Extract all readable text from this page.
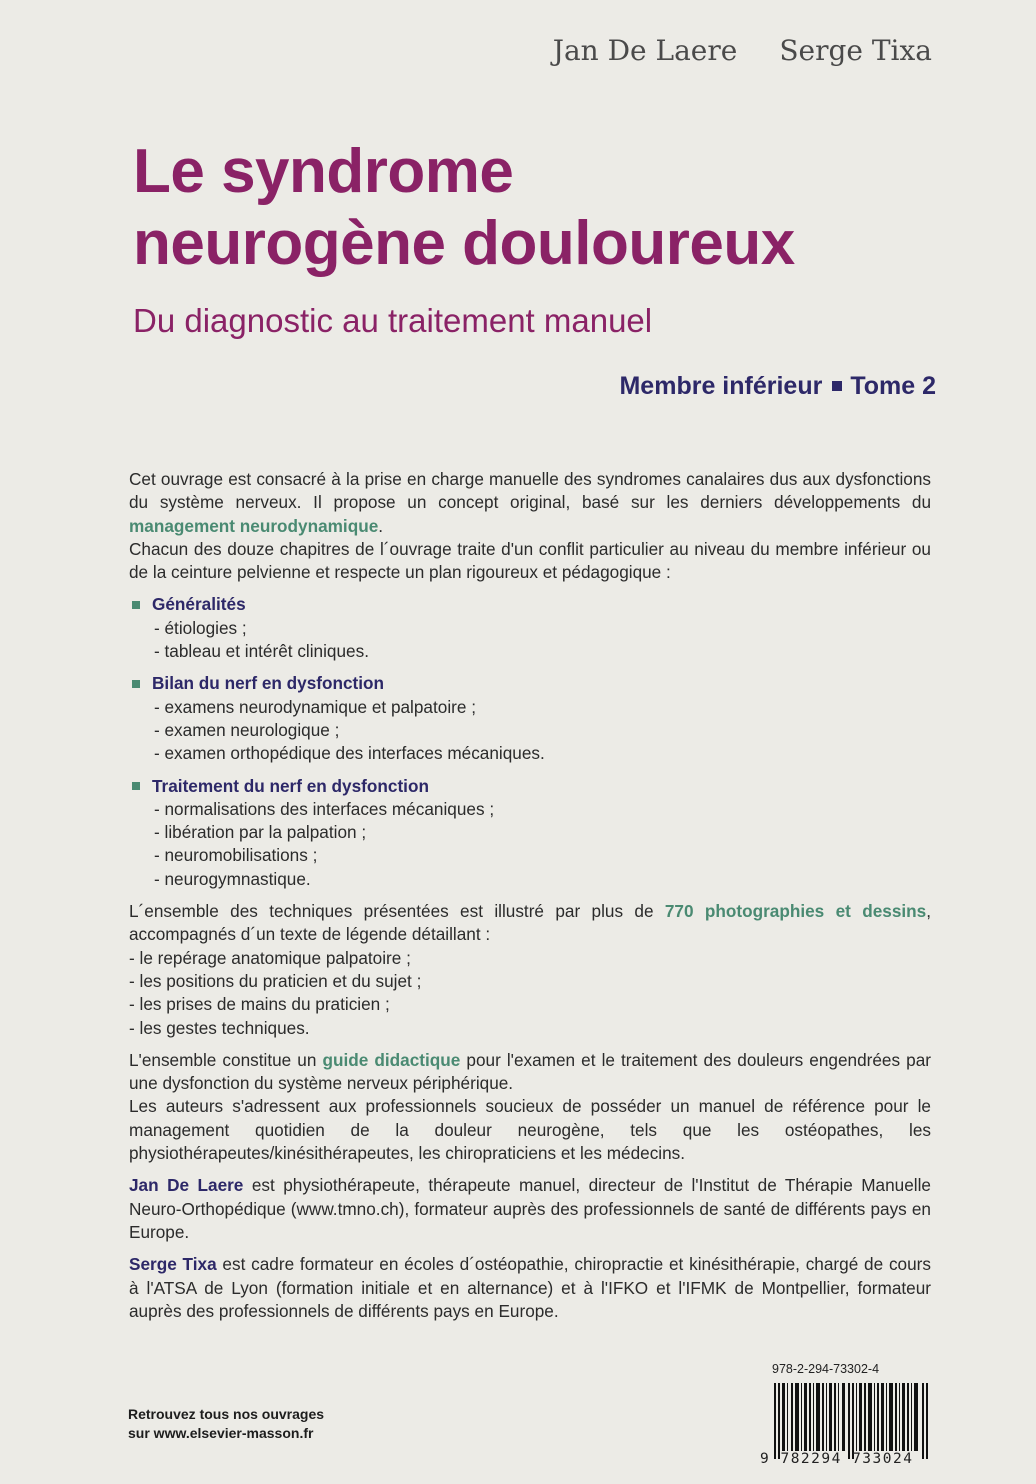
Jan De Laere Serge Tixa
Le syndrome
neurogène douloureux
Du diagnostic au traitement manuel
Membre inférieur Tome 2

Cet ouvrage est consacré à la prise en charge manuelle des syndromes canalaires dus aux dysfonctions du système nerveux. Il propose un concept original, basé sur les derniers développements du management neurodynamique.

Chacun des douze chapitres de l´ouvrage traite d'un conflit particulier au niveau du membre inférieur ou de la ceinture pelvienne et respecte un plan rigoureux et pédagogique :

Généralités
- étiologies ;
- tableau et intérêt cliniques.
Bilan du nerf en dysfonction
- examens neurodynamique et palpatoire ;
- examen neurologique ;
- examen orthopédique des interfaces mécaniques.
Traitement du nerf en dysfonction
- normalisations des interfaces mécaniques ;
- libération par la palpation ;
- neuromobilisations ;
- neurogymnastique.

L´ensemble des techniques présentées est illustré par plus de 770 photographies et dessins, accompagnés d´un texte de légende détaillant :

- le repérage anatomique palpatoire ;
- les positions du praticien et du sujet ;
- les prises de mains du praticien ;
- les gestes techniques.

L'ensemble constitue un guide didactique pour l'examen et le traitement des douleurs engendrées par une dysfonction du système nerveux périphérique.

Les auteurs s'adressent aux professionnels soucieux de posséder un manuel de référence pour le management quotidien de la douleur neurogène, tels que les ostéopathes, les physiothérapeutes/kinésithérapeutes, les chiropraticiens et les médecins.

Jan De Laere est physiothérapeute, thérapeute manuel, directeur de l'Institut de Thérapie Manuelle Neuro-Orthopédique (www.tmno.ch), formateur auprès des professionnels de santé de différents pays en Europe.

Serge Tixa est cadre formateur en écoles d´ostéopathie, chiropractie et kinésithérapie, chargé de cours à l'ATSA de Lyon (formation initiale et en alternance) et à l'IFKO et l'IFMK de Montpellier, formateur auprès des professionnels de différents pays en Europe.

Retrouvez tous nos ouvrages
sur www.elsevier-masson.fr
978-2-294-73302-4
9 782294 733024
